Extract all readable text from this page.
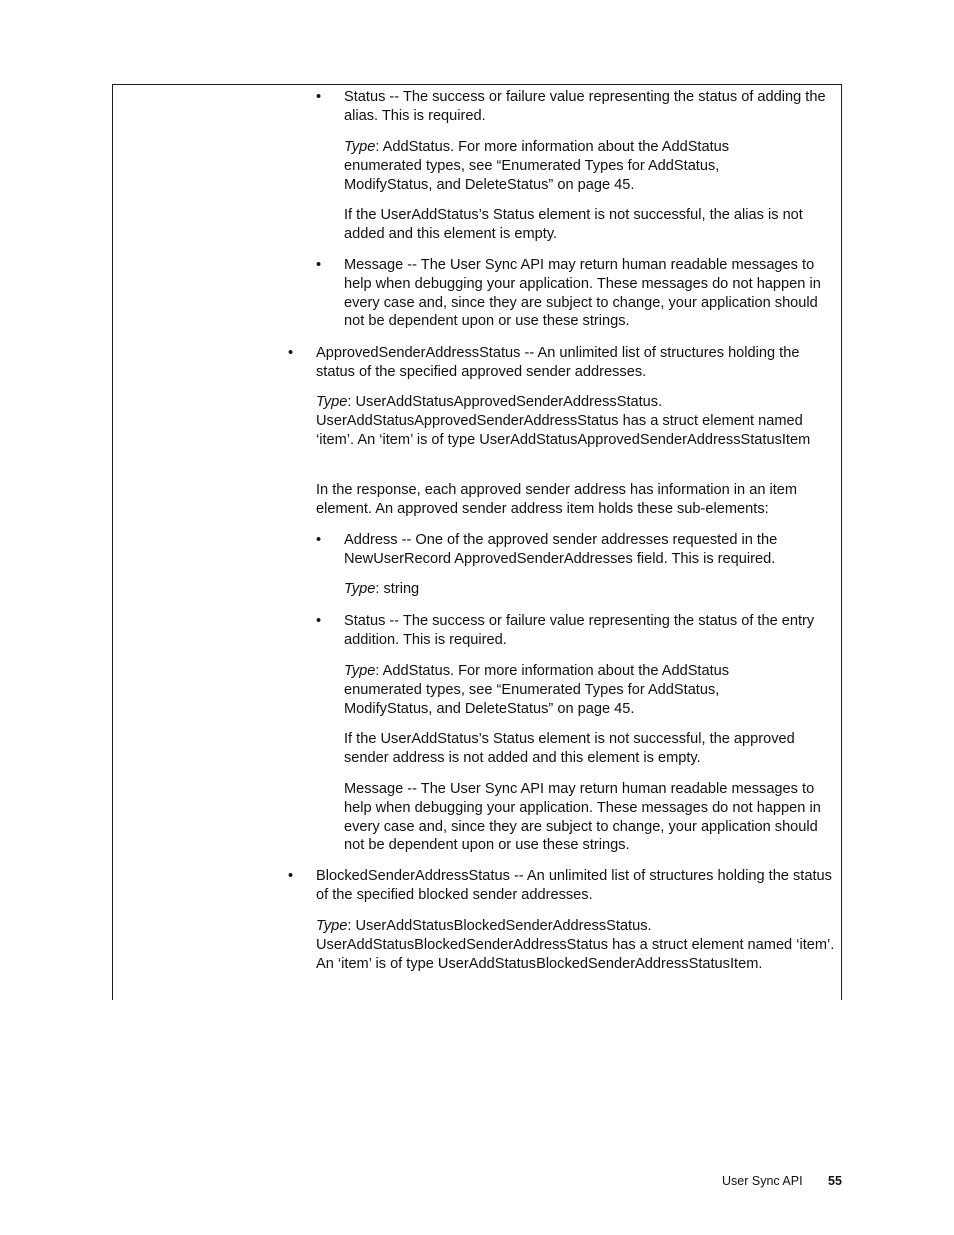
• Status -- The success or failure value representing the status of adding the alias. This is required.

Type: AddStatus. For more information about the AddStatus enumerated types, see “Enumerated Types for AddStatus, ModifyStatus, and DeleteStatus” on page 45.

If the UserAddStatus’s Status element is not successful, the alias is not added and this element is empty.

• Message -- The User Sync API may return human readable messages to help when debugging your application. These messages do not happen in every case and, since they are subject to change, your application should not be dependent upon or use these strings.

• ApprovedSenderAddressStatus -- An unlimited list of structures holding the status of the specified approved sender addresses.

Type: UserAddStatusApprovedSenderAddressStatus. UserAddStatusApprovedSenderAddressStatus has a struct element named ‘item’. An ‘item’ is of type UserAddStatusApprovedSenderAddressStatusItem

In the response, each approved sender address has information in an item element. An approved sender address item holds these sub-elements:

• Address -- One of the approved sender addresses requested in the NewUserRecord ApprovedSenderAddresses field. This is required.

Type: string

• Status -- The success or failure value representing the status of the entry addition. This is required.

Type: AddStatus. For more information about the AddStatus enumerated types, see “Enumerated Types for AddStatus, ModifyStatus, and DeleteStatus” on page 45.

If the UserAddStatus’s Status element is not successful, the approved sender address is not added and this element is empty.

Message -- The User Sync API may return human readable messages to help when debugging your application. These messages do not happen in every case and, since they are subject to change, your application should not be dependent upon or use these strings.

• BlockedSenderAddressStatus -- An unlimited list of structures holding the status of the specified blocked sender addresses.

Type: UserAddStatusBlockedSenderAddressStatus. UserAddStatusBlockedSenderAddressStatus has a struct element named ‘item’. An ‘item’ is of type UserAddStatusBlockedSenderAddressStatusItem.

User Sync API 55
